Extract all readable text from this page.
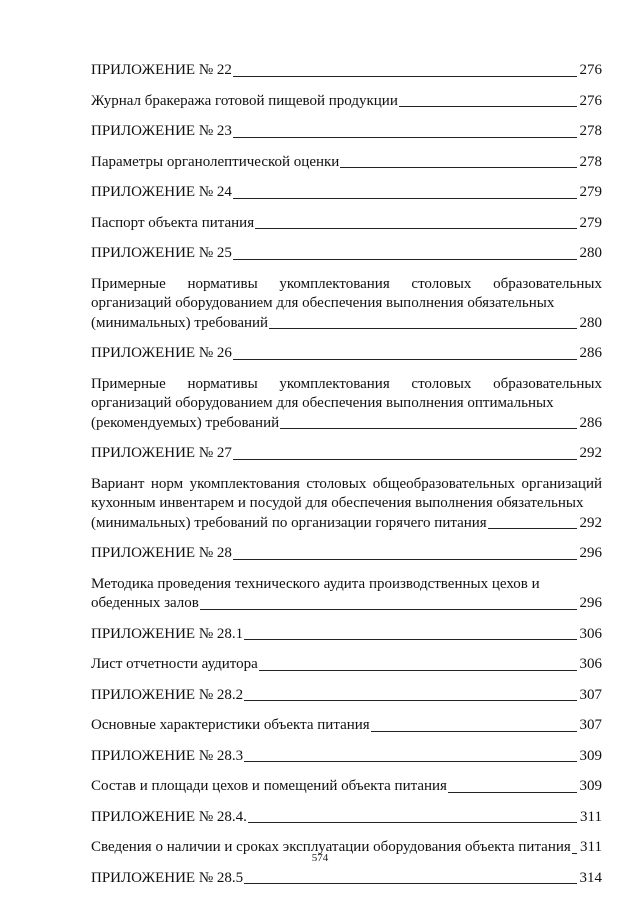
ПРИЛОЖЕНИЕ № 22	276
Журнал бракеража готовой пищевой продукции	276
ПРИЛОЖЕНИЕ № 23	278
Параметры органолептической оценки	278
ПРИЛОЖЕНИЕ № 24	279
Паспорт объекта питания	279
ПРИЛОЖЕНИЕ № 25	280
Примерные нормативы укомплектования столовых образовательных организаций оборудованием для обеспечения выполнения обязательных
(минимальных) требований	280
ПРИЛОЖЕНИЕ № 26	286
Примерные нормативы укомплектования столовых образовательных организаций оборудованием для обеспечения выполнения оптимальных
(рекомендуемых) требований	286
ПРИЛОЖЕНИЕ № 27	292
Вариант норм укомплектования столовых общеобразовательных организаций кухонным инвентарем и посудой для обеспечения выполнения обязательных
(минимальных) требований по организации горячего питания	292
ПРИЛОЖЕНИЕ № 28	296
Методика проведения технического аудита производственных цехов и
обеденных залов	296
ПРИЛОЖЕНИЕ № 28.1	306
Лист отчетности аудитора	306
ПРИЛОЖЕНИЕ № 28.2	307
Основные характеристики объекта питания	307
ПРИЛОЖЕНИЕ № 28.3	309
Состав и площади цехов и помещений объекта питания	309
ПРИЛОЖЕНИЕ № 28.4.	311
Сведения о наличии и сроках эксплуатации оборудования объекта питания 311
ПРИЛОЖЕНИЕ № 28.5	314
574
